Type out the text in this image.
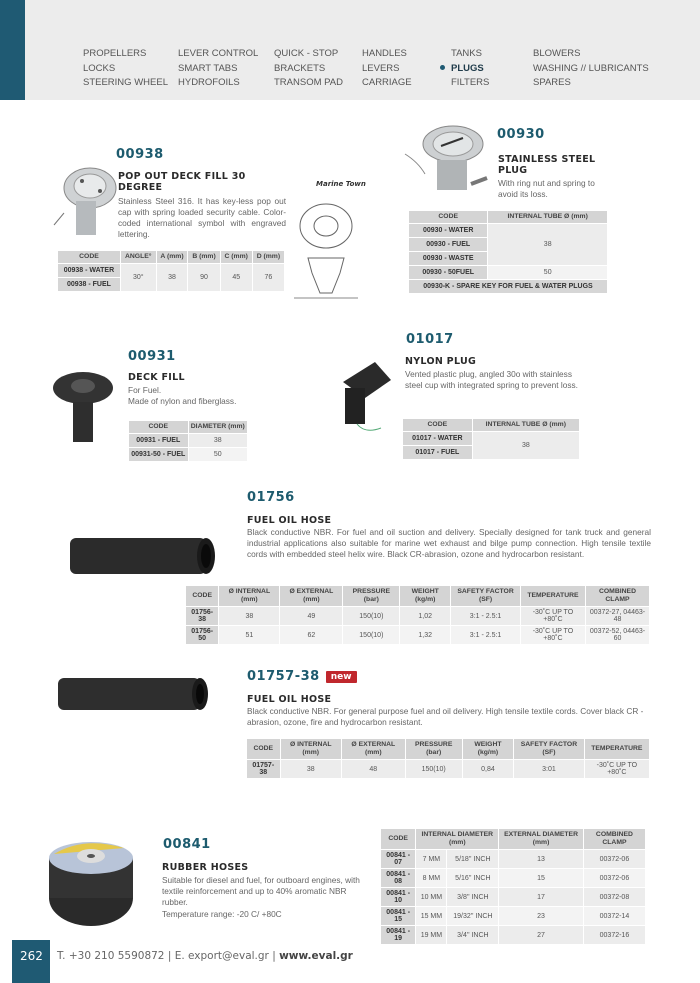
PROPELLERS
LOCKS
STEERING WHEEL
LEVER CONTROL
SMART TABS
HYDROFOILS
QUICK - STOP
BRACKETS
TRANSOM PAD
HANDLES
LEVERS
CARRIAGE
TANKS
PLUGS
FILTERS
BLOWERS
WASHING // LUBRICANTS
SPARES
00938
POP OUT DECK FILL 30 DEGREE
Stainless Steel 316. It has key-less pop out cap with spring loaded security cable. Color-coded international symbol with engraved lettering.
Marine Town
CODE	ANGLE°	A (mm)	B (mm)	C (mm)	D (mm)
00938 - WATER	30°	38	90	45	76
00938 - FUEL					
00930
STAINLESS STEEL PLUG
With ring nut and spring to avoid its loss.
CODE	INTERNAL TUBE Ø (mm)
00930 - WATER	38
00930 - FUEL	
00930 - WASTE	
00930 - 50FUEL	50
00930-K - SPARE KEY FOR FUEL & WATER PLUGS	
00931
DECK FILL
For Fuel.
Made of nylon and fiberglass.
CODE	DIAMETER (mm)
00931 - FUEL	38
00931-50 - FUEL	50
01017
NYLON PLUG
Vented plastic plug, angled 30o with stainless steel cup with integrated spring to prevent loss.
CODE	INTERNAL TUBE Ø (mm)
01017 - WATER	38
01017 - FUEL	
01756
FUEL OIL HOSE
Black conductive NBR. For fuel and oil suction and delivery. Specially designed for tank truck and general industrial applications also suitable for marine wet exhaust and bilge pump connection. High tensile textile cords with embedded steel helix wire. Black CR-abrasion, ozone and hydrocarbon resistant.
CODE	Ø INTERNAL (mm)	Ø EXTERNAL (mm)	PRESSURE (bar)	WEIGHT (kg/m)	SAFETY FACTOR (SF)	TEMPERATURE	COMBINED CLAMP
01756-38	38	49	150(10)	1,02	3:1 - 2.5:1	-30˚C UP TO +80˚C	00372-27, 04463-48
01756-50	51	62	150(10)	1,32	3:1 - 2.5:1	-30˚C UP TO +80˚C	00372-52, 04463-60
01757-38	new
FUEL OIL HOSE
Black conductive NBR. For general purpose fuel and oil delivery. High tensile textile cords. Cover black CR - abrasion, ozone, fire and hydrocarbon resistant.
CODE	Ø INTERNAL (mm)	Ø EXTERNAL (mm)	PRESSURE (bar)	WEIGHT (kg/m)	SAFETY FACTOR (SF)	TEMPERATURE
01757-38	38	48	150(10)	0,84	3:01	-30˚C UP TO +80˚C
00841
RUBBER HOSES
Suitable for diesel and fuel, for outboard engines, with textile reinforcement and up to 40% aromatic NBR rubber.
Temperature range: -20 C/ +80C
CODE	INTERNAL DIAMETER (mm)		EXTERNAL DIAMETER (mm)	COMBINED CLAMP
00841 - 07	7 MM	5/18'' INCH	13	00372-06
00841 - 08	8 MM	5/16'' INCH	15	00372-06
00841 - 10	10 MM	3/8'' INCH	17	00372-08
00841 - 15	15 MM	19/32'' INCH	23	00372-14
00841 - 19	19 MM	3/4'' INCH	27	00372-16
262	T. +30 210 5590872 | E. export@eval.gr | www.eval.gr
